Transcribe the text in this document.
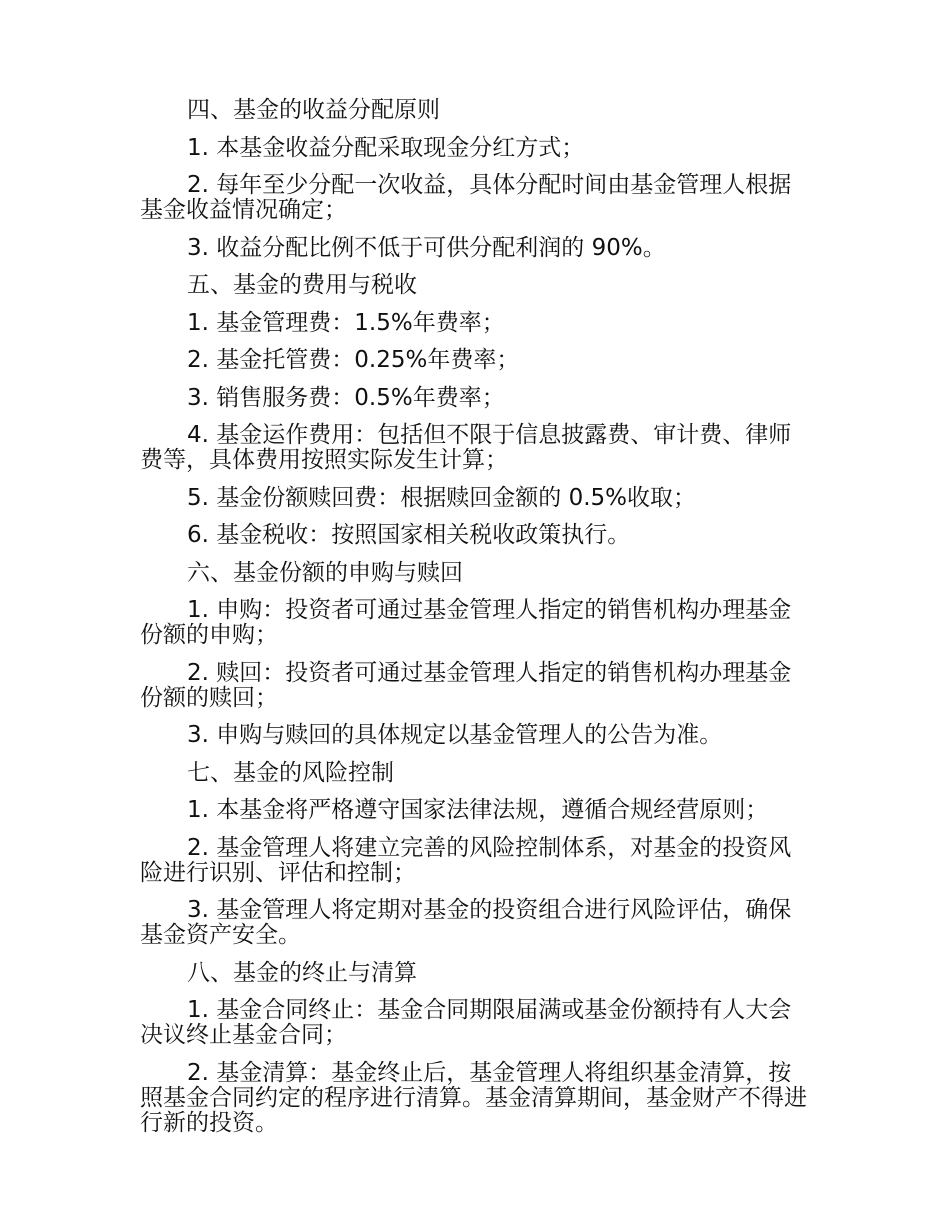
四、基金的收益分配原则

1. 本基金收益分配采取现金分红方式；

2. 每年至少分配一次收益，具体分配时间由基金管理人根据基金收益情况确定；

3. 收益分配比例不低于可供分配利润的 90%。

五、基金的费用与税收

1. 基金管理费：1.5%年费率；

2. 基金托管费：0.25%年费率；

3. 销售服务费：0.5%年费率；

4. 基金运作费用：包括但不限于信息披露费、审计费、律师费等，具体费用按照实际发生计算；

5. 基金份额赎回费：根据赎回金额的 0.5%收取；

6. 基金税收：按照国家相关税收政策执行。

六、基金份额的申购与赎回

1. 申购：投资者可通过基金管理人指定的销售机构办理基金份额的申购；

2. 赎回：投资者可通过基金管理人指定的销售机构办理基金份额的赎回；

3. 申购与赎回的具体规定以基金管理人的公告为准。

七、基金的风险控制

1. 本基金将严格遵守国家法律法规，遵循合规经营原则；

2. 基金管理人将建立完善的风险控制体系，对基金的投资风险进行识别、评估和控制；

3. 基金管理人将定期对基金的投资组合进行风险评估，确保基金资产安全。

八、基金的终止与清算

1. 基金合同终止：基金合同期限届满或基金份额持有人大会决议终止基金合同；

2. 基金清算：基金终止后，基金管理人将组织基金清算，按照基金合同约定的程序进行清算。基金清算期间，基金财产不得进行新的投资。
